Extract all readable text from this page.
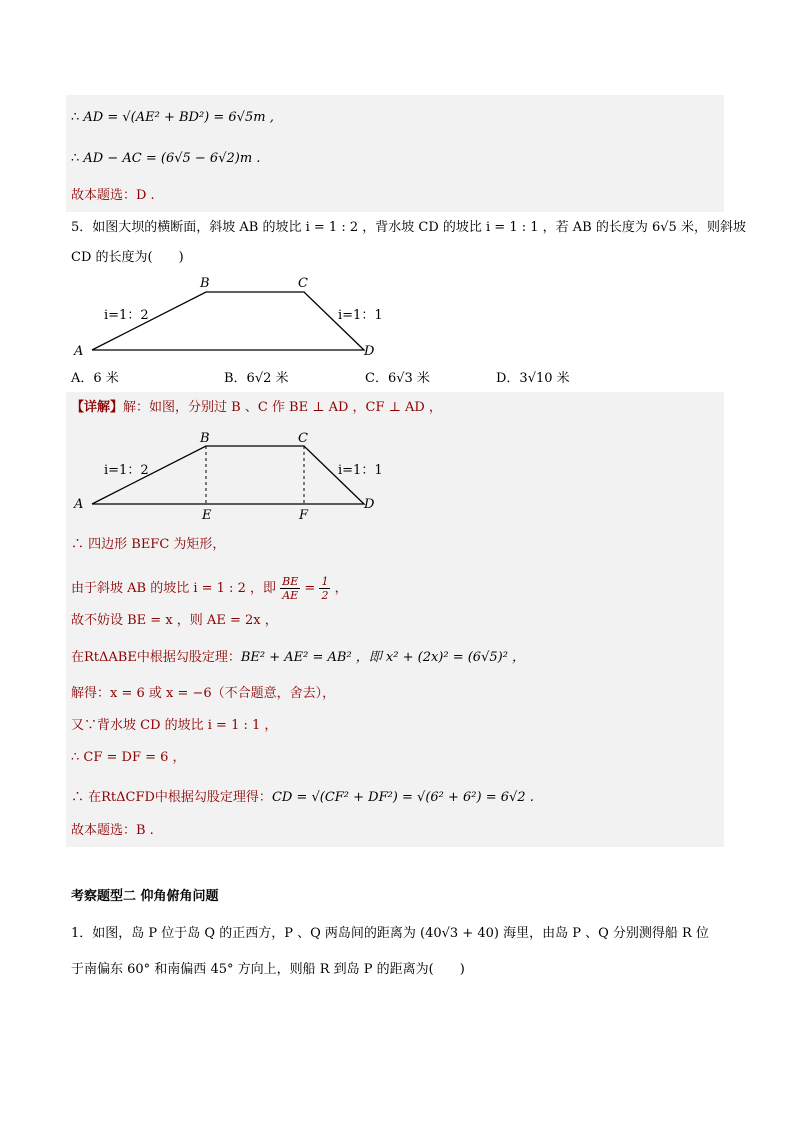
∴ AD = √(AE² + BD²) = 6√5m ,
∴ AD − AC = (6√5 − 6√2)m .
故本题选：D .
5．如图大坝的横断面，斜坡 AB 的坡比 i = 1 : 2 ，背水坡 CD 的坡比 i = 1 : 1 ，若 AB 的长度为 6√5 米，则斜坡
CD 的长度为(　　)
B	C
A	D
i=1：2	i=1：1
A．6 米	B．6√2 米	C．6√3 米	D．3√10 米
【详解】解：如图，分别过 B 、C 作 BE ⊥ AD ，CF ⊥ AD ，
B	C
A	D
E	F
i=1：2	i=1：1
∴ 四边形 BEFC 为矩形，
由于斜坡 AB 的坡比 i = 1 : 2 ，即 $\frac{BE}{AE} = \frac{1}{2}$ ，
故不妨设 BE = x ，则 AE = 2x ，
在RtΔABE中根据勾股定理：BE² + AE² = AB² ，即 x² + (2x)² = (6√5)² ，
解得：x = 6 或 x = −6（不合题意，舍去），
又∵背水坡 CD 的坡比 i = 1 : 1 ，
∴ CF = DF = 6 ，
∴ 在RtΔCFD中根据勾股定理得：CD = √(CF² + DF²) = √(6² + 6²) = 6√2 .
故本题选：B .
考察题型二 仰角俯角问题
1．如图，岛 P 位于岛 Q 的正西方，P 、Q 两岛间的距离为 (40√3 + 40) 海里，由岛 P 、Q 分别测得船 R 位
于南偏东 60° 和南偏西 45° 方向上，则船 R 到岛 P 的距离为(　　)
